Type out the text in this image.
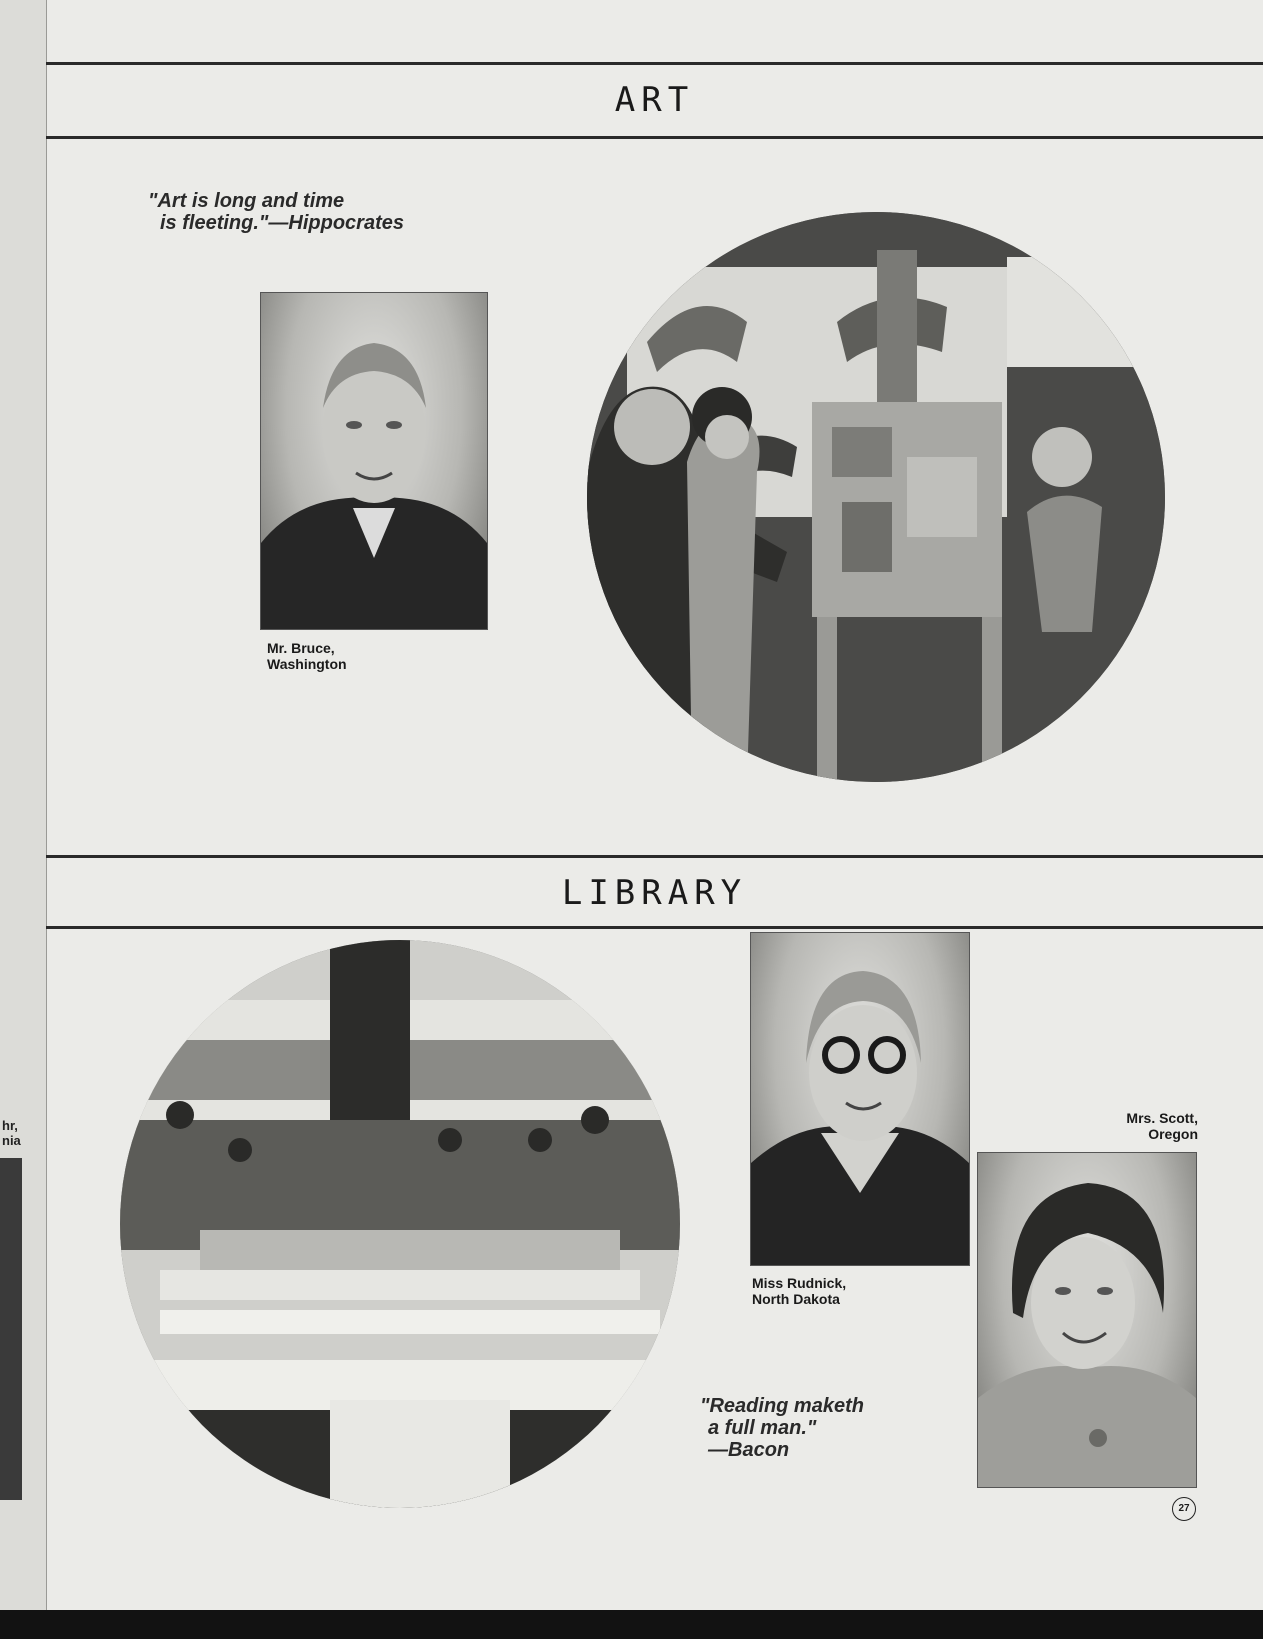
hr,
nia
ART
"Art is long and time
is fleeting."—Hippocrates
Mr. Bruce,
Washington
LIBRARY
Miss Rudnick,
North Dakota
Mrs. Scott,
Oregon
"Reading maketh
a full man."
—Bacon
27
